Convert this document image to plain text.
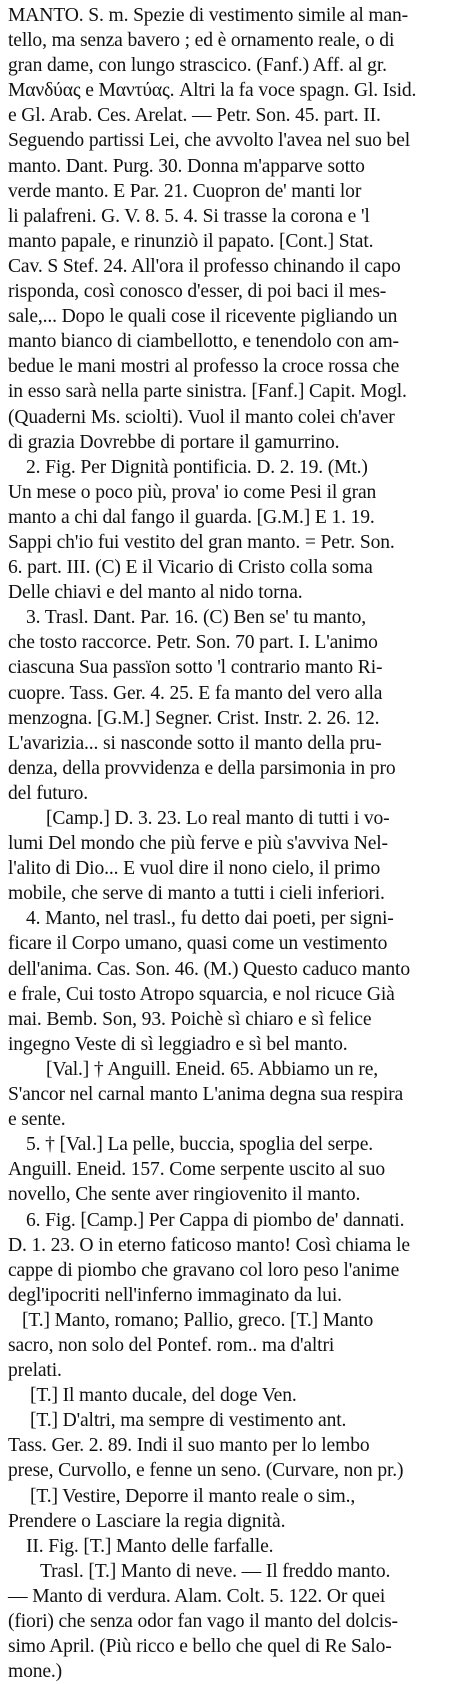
MANTO. S. m. Spezie di vestimento simile al man-
tello, ma senza bavero ; ed è ornamento reale, o di
gran dame, con lungo strascico. (Fanf.) Aff. al gr.
Μανδύας e Μαντύας. Altri la fa voce spagn. Gl. Isid.
e Gl. Arab. Ces. Arelat. — Petr. Son. 45. part. II.
Seguendo partissi Lei, che avvolto l'avea nel suo bel
manto. Dant. Purg. 30. Donna m'apparve sotto
verde manto. E Par. 21. Cuopron de' manti lor
li palafreni. G. V. 8. 5. 4. Si trasse la corona e 'l
manto papale, e rinunziò il papato. [Cont.] Stat.
Cav. S Stef. 24. All'ora il professo chinando il capo
risponda, così conosco d'esser, di poi baci il mes-
sale,... Dopo le quali cose il ricevente pigliando un
manto bianco di ciambellotto, e tenendolo con am-
bedue le mani mostri al professo la croce rossa che
in esso sarà nella parte sinistra. [Fanf.] Capit. Mogl.
(Quaderni Ms. sciolti). Vuol il manto colei ch'aver
di grazia Dovrebbe di portare il gamurrino.
2. Fig. Per Dignità pontificia. D. 2. 19. (Mt.)
Un mese o poco più, prova' io come Pesi il gran
manto a chi dal fango il guarda. [G.M.] E 1. 19.
Sappi ch'io fui vestito del gran manto. = Petr. Son.
6. part. III. (C) E il Vicario di Cristo colla soma
Delle chiavi e del manto al nido torna.
3. Trasl. Dant. Par. 16. (C) Ben se' tu manto,
che tosto raccorce. Petr. Son. 70 part. I. L'animo
ciascuna Sua passïon sotto 'l contrario manto Ri-
cuopre. Tass. Ger. 4. 25. E fa manto del vero alla
menzogna. [G.M.] Segner. Crist. Instr. 2. 26. 12.
L'avarizia... si nasconde sotto il manto della pru-
denza, della provvidenza e della parsimonia in pro
del futuro.
[Camp.] D. 3. 23. Lo real manto di tutti i vo-
lumi Del mondo che più ferve e più s'avviva Nel-
l'alito di Dio... E vuol dire il nono cielo, il primo
mobile, che serve di manto a tutti i cieli inferiori.
4. Manto, nel trasl., fu detto dai poeti, per signi-
ficare il Corpo umano, quasi come un vestimento
dell'anima. Cas. Son. 46. (M.) Questo caduco manto
e frale, Cui tosto Atropo squarcia, e nol ricuce Già
mai. Bemb. Son, 93. Poichè sì chiaro e sì felice
ingegno Veste di sì leggiadro e sì bel manto.
[Val.] † Anguill. Eneid. 65. Abbiamo un re,
S'ancor nel carnal manto L'anima degna sua respira
e sente.
5. † [Val.] La pelle, buccia, spoglia del serpe.
Anguill. Eneid. 157. Come serpente uscito al suo
novello, Che sente aver ringiovenito il manto.
6. Fig. [Camp.] Per Cappa di piombo de' dannati.
D. 1. 23. O in eterno faticoso manto! Così chiama le
cappe di piombo che gravano col loro peso l'anime
degl'ipocriti nell'inferno immaginato da lui.
[T.] Manto, romano; Pallio, greco. [T.] Manto
sacro, non solo del Pontef. rom.. ma d'altri
prelati.
[T.] Il manto ducale, del doge Ven.
[T.] D'altri, ma sempre di vestimento ant.
Tass. Ger. 2. 89. Indi il suo manto per lo lembo
prese, Curvollo, e fenne un seno. (Curvare, non pr.)
[T.] Vestire, Deporre il manto reale o sim.,
Prendere o Lasciare la regia dignità.
II. Fig. [T.] Manto delle farfalle.
Trasl. [T.] Manto di neve. — Il freddo manto.
— Manto di verdura. Alam. Colt. 5. 122. Or quei
(fiori) che senza odor fan vago il manto del dolcis-
simo April. (Più ricco e bello che quel di Re Salo-
mone.)
